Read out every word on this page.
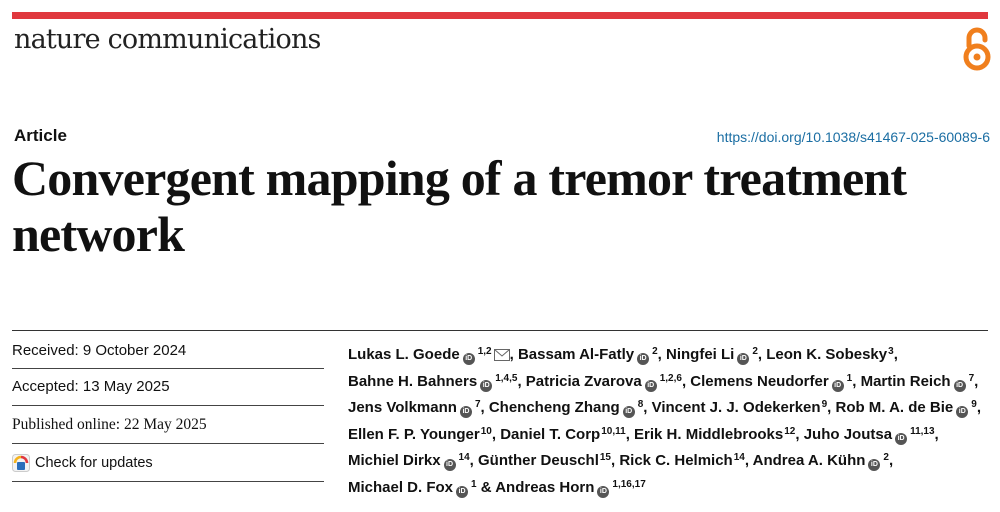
nature communications
Article	https://doi.org/10.1038/s41467-025-60089-6
Convergent mapping of a tremor treatment
network
Received: 9 October 2024
Accepted: 13 May 2025
Published online: 22 May 2025
Check for updates
Lukas L. Goede iD$^{1,2}$ , Bassam Al-Fatly iD$^2$, Ningfei Li iD$^2$, Leon K. Sobesky$^3$, Bahne H. Bahners iD$^{1,4,5}$, Patricia Zvarova iD$^{1,2,6}$, Clemens Neudorfer iD$^1$, Martin Reich iD$^7$, Jens Volkmann iD$^7$, Chencheng Zhang iD$^8$, Vincent J. J. Odekerken$^9$, Rob M. A. de Bie iD$^9$, Ellen F. P. Younger$^{10}$, Daniel T. Corp$^{10,11}$, Erik H. Middlebrooks$^{12}$, Juho Joutsa iD$^{11,13}$, Michiel Dirkx iD$^{14}$, Günther Deuschl$^{15}$, Rick C. Helmich$^{14}$, Andrea A. Kühn iD$^2$, Michael D. Fox iD$^1$ & Andreas Horn iD$^{1,16,17}$
